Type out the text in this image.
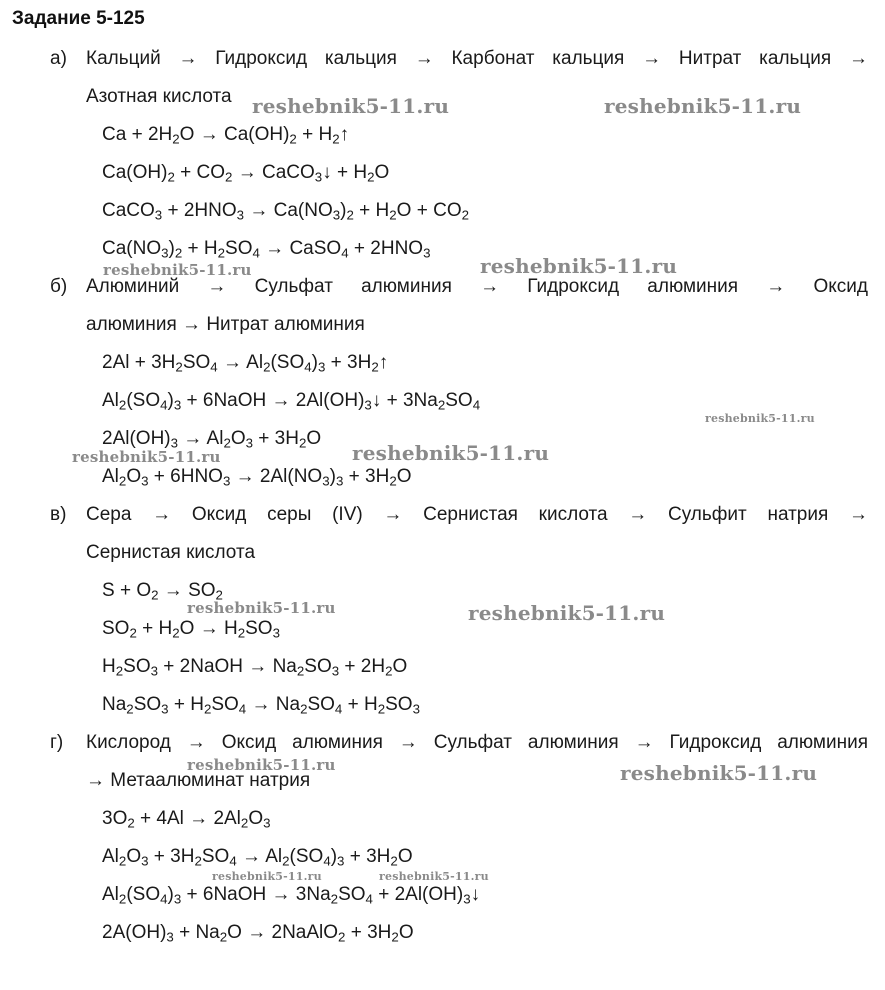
Задание 5-125
а) Кальций → Гидроксид кальция → Карбонат кальция → Нитрат кальция →
Азотная кислота
$Ca + 2H_2O \to Ca(OH)_2$ + $H_2↑$
$Ca(OH)_2 + CO_2$ → CaCO$_3$↓ + $H_2O$
CaCO$_3$ + $2HNO_3 \to Ca(NO_3)_2 + H_2O + CO_2$
$Ca(NO_3)_2 + H_2SO_4$ → CaSO$_4$ + $2HNO_3$
б) Алюминий → Сульфат алюминия → Гидроксид алюминия → Оксид
алюминия → Нитрат алюминия
$2Al + 3H_2SO_4 \to Al_2(SO_4)_3$ + $3H_2↑$
$Al_2(SO_4)_3$ + 6NaOH → $2Al(OH)_3↓ + 3Na_2SO_4$
$2Al(OH)_3 \to Al_2O_3 + 3H_2O$
$Al_2O_3 + 6HNO_3 \to 2Al(NO_3)_3 + 3H_2O$
в) Сера → Оксид серы (IV) → Сернистая кислота → Сульфит натрия →
Сернистая кислота
$S + O_2 \to SO_2$
$SO_2 + H_2O \to H_2SO_3$
$H_2SO_3$ + 2NaOH → $Na_2SO_3 + 2H_2O$
$Na_2SO_3 + H_2SO_4 \to Na_2SO_4 + H_2SO_3$
г) Кислород → Оксид алюминия → Сульфат алюминия → Гидроксид алюминия
→ Метаалюминат натрия
$3O_2 + 4Al \to 2Al_2O_3$
$Al_2O_3 + 3H_2SO_4 \to Al_2(SO_4)_3 + 3H_2O$
$Al_2(SO_4)_3$ + 6NaOH → $3Na_2SO_4$ + $2Al(OH)_3↓$
$2A(OH)_3 + Na_2O$ → 2NaAlO$_2$ + $3H_2O$
reshebnik5-11.ru	reshebnik5-11.ru
reshebnik5-11.ru
reshebnik5-11.ru
reshebnik5-11.ru
reshebnik5-11.ru
reshebnik5-11.ru
reshebnik5-11.ru	reshebnik5-11.ru
reshebnik5-11.ru	reshebnik5-11.ru
reshebnik5-11.ru	reshebnik5-11.ru
